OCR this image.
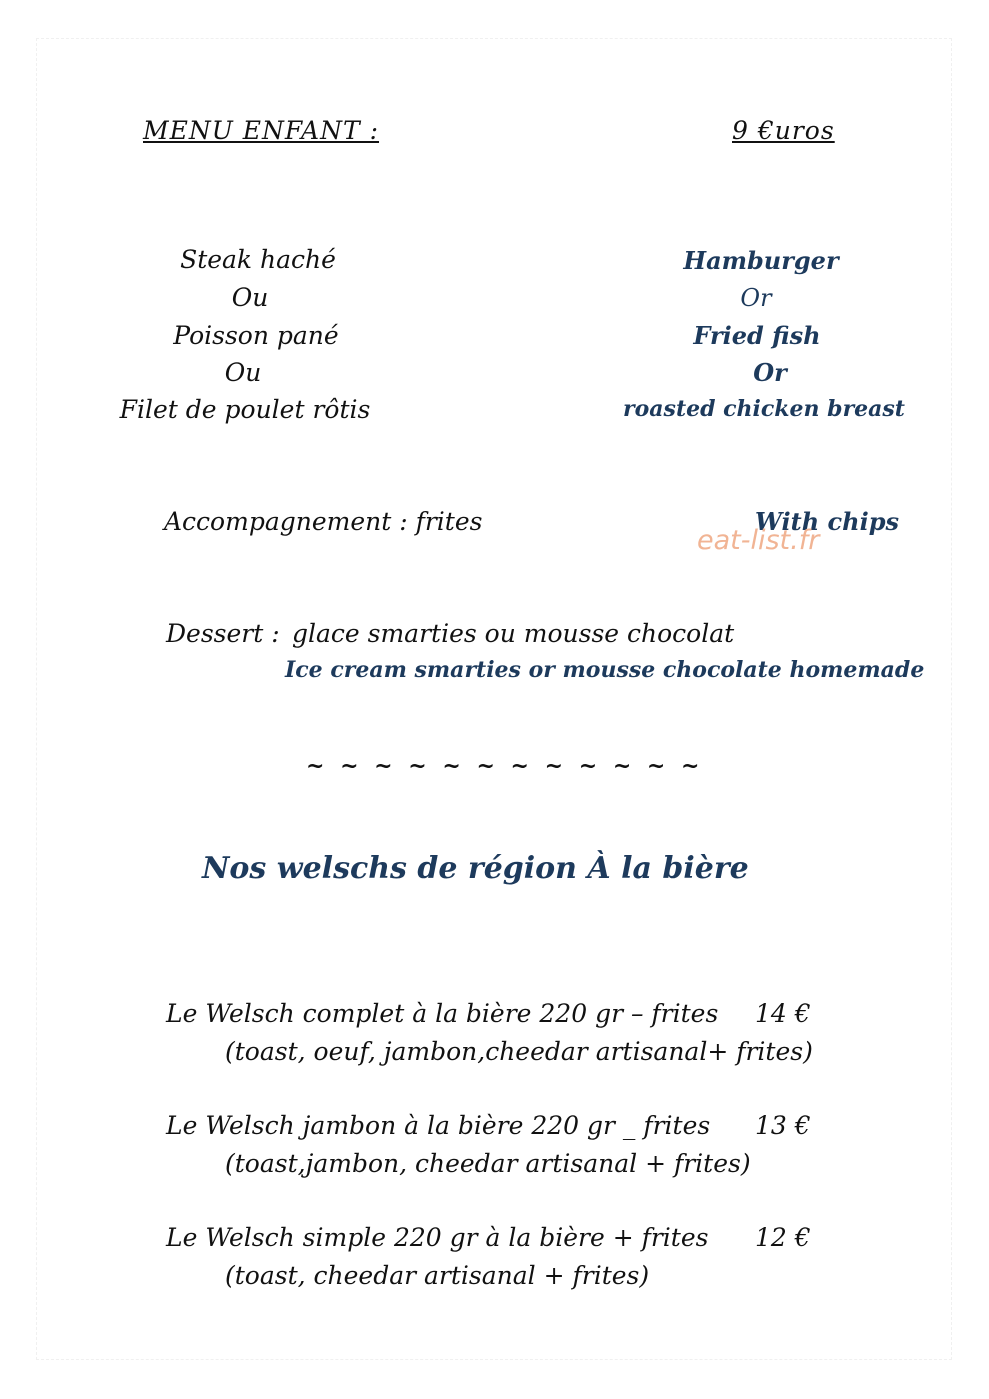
MENU ENFANT :	9 €uros
Steak haché
Ou
Poisson pané
Ou
Filet de poulet rôtis
Hamburger
Or
Fried fish
Or
roasted chicken breast
Accompagnement : frites	With chips
eat-list.fr
Dessert : glace smarties ou mousse chocolat
Ice cream smarties or mousse chocolate homemade
~ ~ ~ ~ ~ ~ ~ ~ ~ ~ ~ ~
Nos welschs de région À la bière
Le Welsch complet à la bière 220 gr – frites 14 €
(toast, oeuf, jambon,cheedar artisanal+ frites)
Le Welsch jambon à la bière 220 gr _ frites 13 €
(toast,jambon, cheedar artisanal + frites)
Le Welsch simple 220 gr à la bière + frites 12 €
(toast, cheedar artisanal + frites)
